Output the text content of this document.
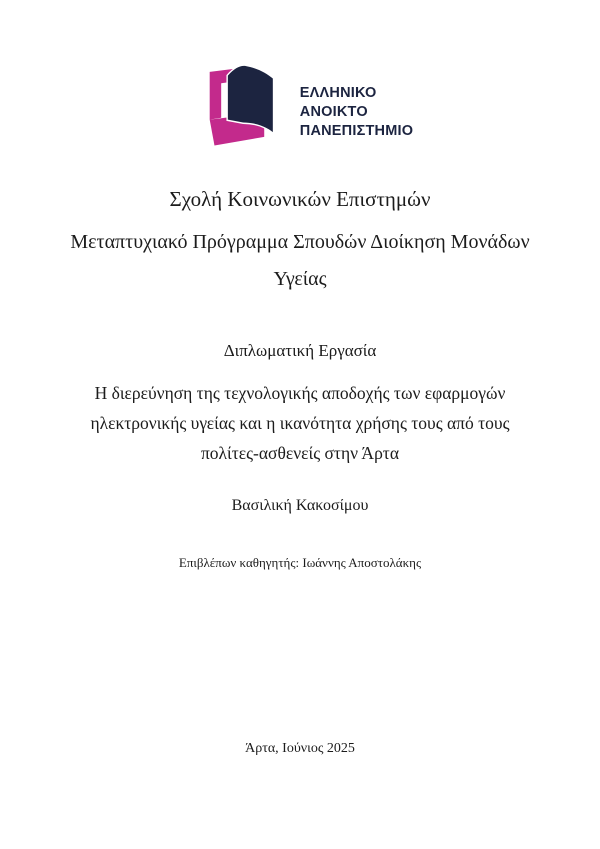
ΕΛΛΗΝΙΚΟ
ΑΝΟΙΚΤΟ
ΠΑΝΕΠΙΣΤΗΜΙΟ

Σχολή Κοινωνικών Επιστημών

Μεταπτυχιακό Πρόγραμμα Σπουδών Διοίκηση Μονάδων Υγείας

Διπλωματική Εργασία

Η διερεύνηση της τεχνολογικής αποδοχής των εφαρμογών ηλεκτρονικής υγείας και η ικανότητα χρήσης τους από τους πολίτες-ασθενείς στην Άρτα

Βασιλική Κακοσίμου

Επιβλέπων καθηγητής: Ιωάννης Αποστολάκης

Άρτα, Ιούνιος 2025
